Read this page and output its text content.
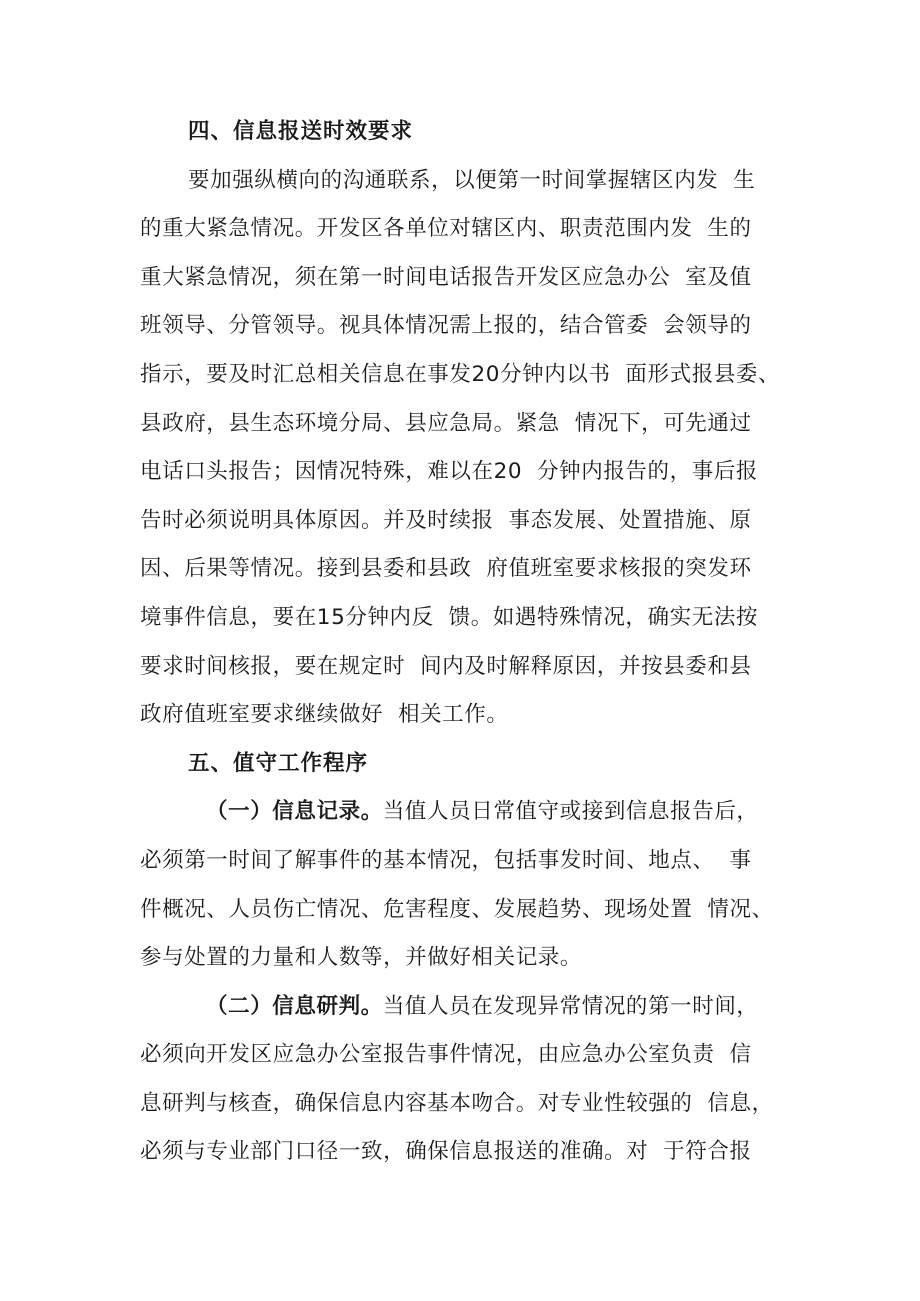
四、信息报送时效要求
要加强纵横向的沟通联系，以便第一时间掌握辖区内发  生
的重大紧急情况。开发区各单位对辖区内、职责范围内发  生的
重大紧急情况，须在第一时间电话报告开发区应急办公  室及值
班领导、分管领导。视具体情况需上报的，结合管委  会领导的
指示，要及时汇总相关信息在事发20分钟内以书  面形式报县委、
县政府，县生态环境分局、县应急局。紧急  情况下，可先通过
电话口头报告；因情况特殊，难以在20  分钟内报告的，事后报
告时必须说明具体原因。并及时续报  事态发展、处置措施、原
因、后果等情况。接到县委和县政  府值班室要求核报的突发环
境事件信息，要在15分钟内反  馈。如遇特殊情况，确实无法按
要求时间核报，要在规定时  间内及时解释原因，并按县委和县
政府值班室要求继续做好  相关工作。
五、值守工作程序
（一）信息记录。当值人员日常值守或接到信息报告后，
必须第一时间了解事件的基本情况，包括事发时间、地点、  事
件概况、人员伤亡情况、危害程度、发展趋势、现场处置  情况、
参与处置的力量和人数等，并做好相关记录。
（二）信息研判。当值人员在发现异常情况的第一时间，
必须向开发区应急办公室报告事件情况，由应急办公室负责  信
息研判与核查，确保信息内容基本吻合。对专业性较强的  信息，
必须与专业部门口径一致，确保信息报送的准确。对  于符合报
